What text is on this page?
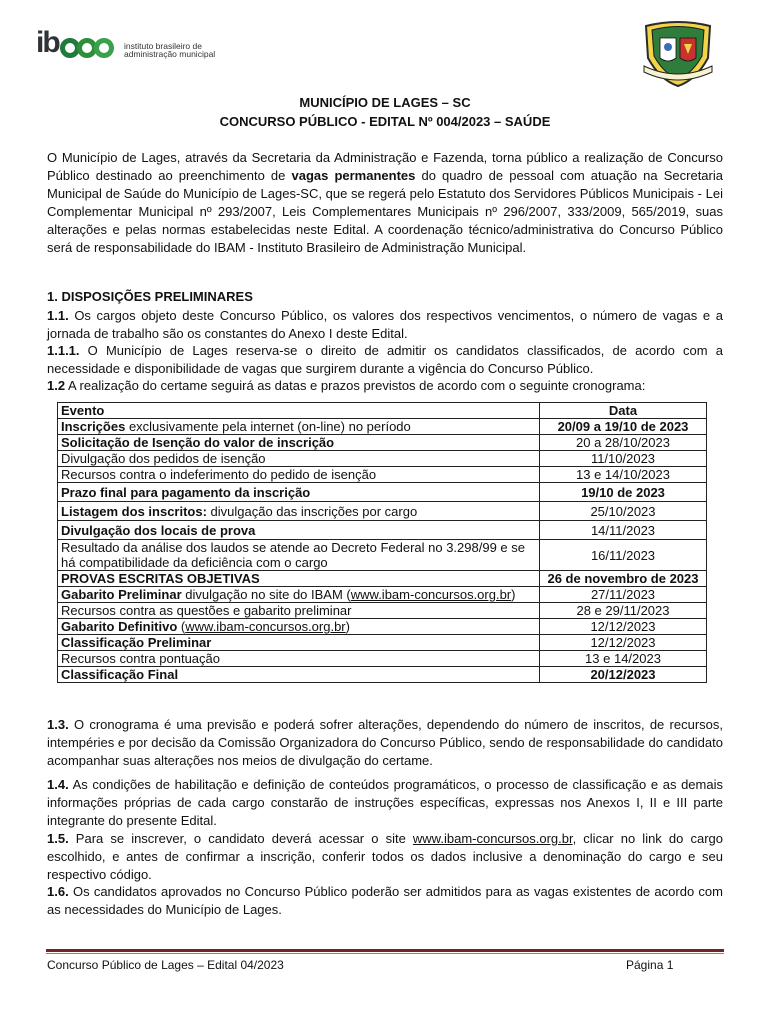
ib	instituto brasileiro de
administração municipal
MUNICÍPIO DE LAGES – SC
CONCURSO PÚBLICO - EDITAL Nº 004/2023 – SAÚDE

O Município de Lages, através da Secretaria da Administração e Fazenda, torna público a realização de Concurso Público destinado ao preenchimento de vagas permanentes do quadro de pessoal com atuação na Secretaria Municipal de Saúde do Município de Lages-SC, que se regerá pelo Estatuto dos Servidores Públicos Municipais - Lei Complementar Municipal nº 293/2007, Leis Complementares Municipais nº 296/2007, 333/2009, 565/2019, suas alterações e pelas normas estabelecidas neste Edital. A coordenação técnico/administrativa do Concurso Público será de responsabilidade do IBAM - Instituto Brasileiro de Administração Municipal.

1. DISPOSIÇÕES PRELIMINARES

1.1. Os cargos objeto deste Concurso Público, os valores dos respectivos vencimentos, o número de vagas e a jornada de trabalho são os constantes do Anexo I deste Edital.

1.1.1. O Município de Lages reserva-se o direito de admitir os candidatos classificados, de acordo com a necessidade e disponibilidade de vagas que surgirem durante a vigência do Concurso Público.

1.2 A realização do certame seguirá as datas e prazos previstos de acordo com o seguinte cronograma:

Evento	Data
Inscrições exclusivamente pela internet (on-line) no período	20/09 a 19/10 de 2023
Solicitação de Isenção do valor de inscrição	20 a 28/10/2023
Divulgação dos pedidos de isenção	11/10/2023
Recursos contra o indeferimento do pedido de isenção	13 e 14/10/2023
Prazo final para pagamento da inscrição	19/10 de 2023
Listagem dos inscritos: divulgação das inscrições por cargo	25/10/2023
Divulgação dos locais de prova	14/11/2023
Resultado da análise dos laudos se atende ao Decreto Federal no 3.298/99 e se há compatibilidade da deficiência com o cargo	16/11/2023
PROVAS ESCRITAS OBJETIVAS	26 de novembro de 2023
Gabarito Preliminar divulgação no site do IBAM (www.ibam-concursos.org.br)	27/11/2023
Recursos contra as questões e gabarito preliminar	28 e 29/11/2023
Gabarito Definitivo (www.ibam-concursos.org.br)	12/12/2023
Classificação Preliminar	12/12/2023
Recursos contra pontuação	13 e 14/2023
Classificação Final	20/12/2023

1.3. O cronograma é uma previsão e poderá sofrer alterações, dependendo do número de inscritos, de recursos, intempéries e por decisão da Comissão Organizadora do Concurso Público, sendo de responsabilidade do candidato acompanhar suas alterações nos meios de divulgação do certame.

1.4. As condições de habilitação e definição de conteúdos programáticos, o processo de classificação e as demais informações próprias de cada cargo constarão de instruções específicas, expressas nos Anexos I, II e III parte integrante do presente Edital.

1.5. Para se inscrever, o candidato deverá acessar o site www.ibam-concursos.org.br, clicar no link do cargo escolhido, e antes de confirmar a inscrição, conferir todos os dados inclusive a denominação do cargo e seu respectivo código.

1.6. Os candidatos aprovados no Concurso Público poderão ser admitidos para as vagas existentes de acordo com as necessidades do Município de Lages.

Concurso Público de Lages – Edital 04/2023	Página 1
